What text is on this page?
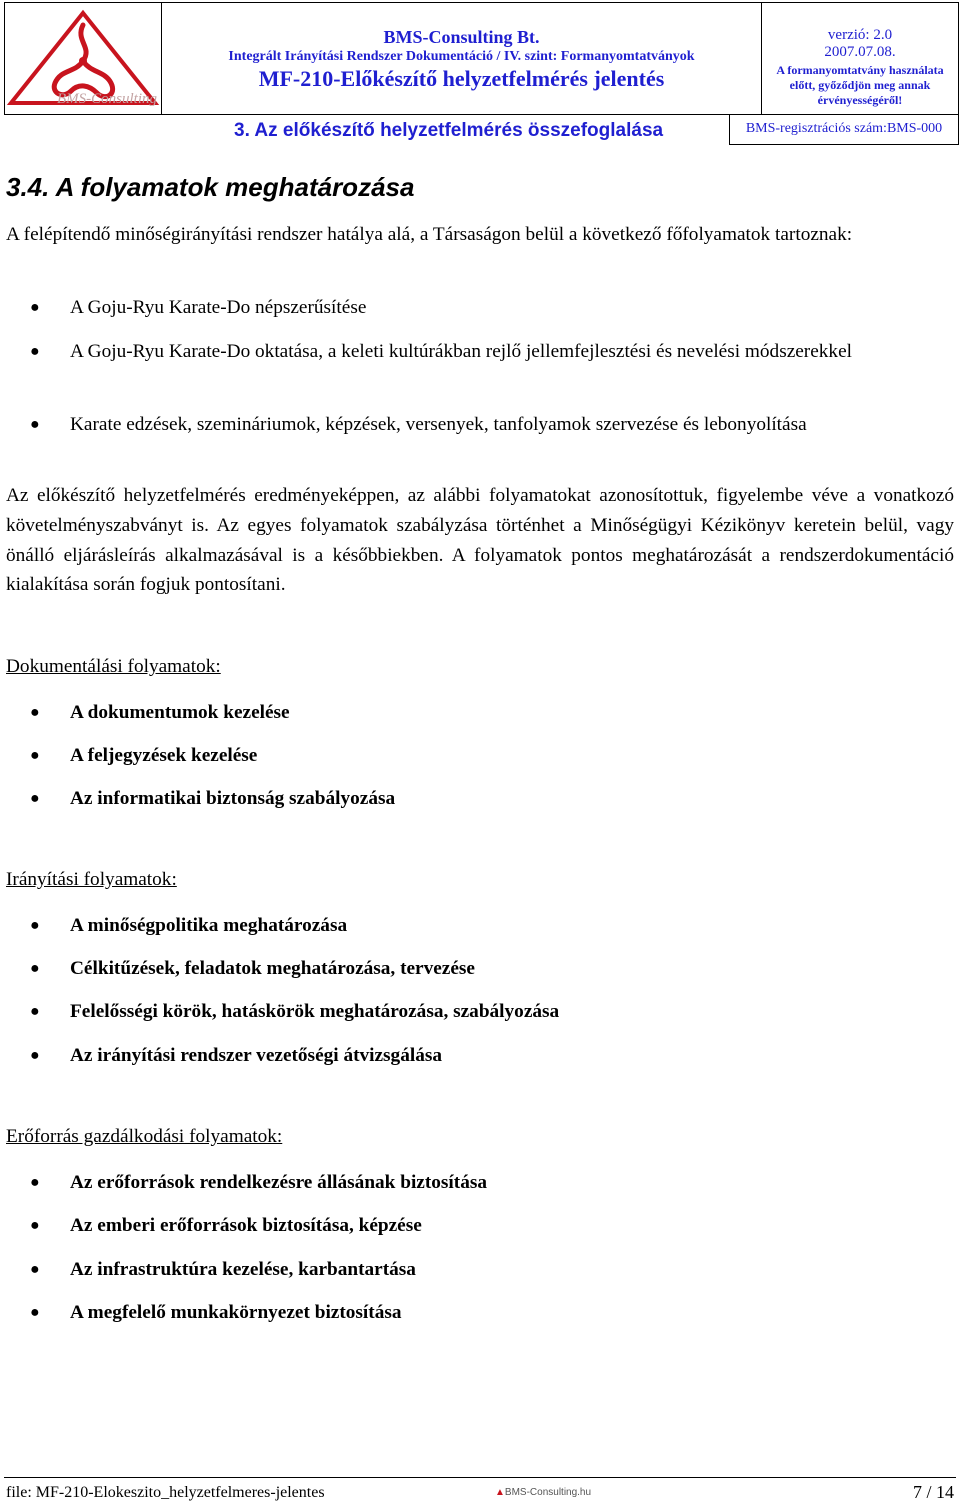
BMS-Consulting
BMS-Consulting Bt.
Integrált Irányítási Rendszer Dokumentáció / IV. szint: Formanyomtatványok
MF-210-Előkészítő helyzetfelmérés jelentés
verzió: 2.0
2007.07.08.
A formanyomtatvány használata előtt, győződjön meg annak érvényességéről!
3. Az előkészítő helyzetfelmérés összefoglalása	BMS-regisztrációs szám:BMS-000
3.4. A folyamatok meghatározása
A felépítendő minőségirányítási rendszer hatálya alá, a Társaságon belül a következő főfolyamatok tartoznak:
● A Goju-Ryu Karate-Do népszerűsítése
● A Goju-Ryu Karate-Do oktatása, a keleti kultúrákban rejlő jellemfejlesztési és nevelési módszerekkel
● Karate edzések, szemináriumok, képzések, versenyek, tanfolyamok szervezése és lebonyolítása
Az előkészítő helyzetfelmérés eredményeképpen, az alábbi folyamatokat azonosítottuk, figyelembe véve a vonatkozó követelményszabványt is. Az egyes folyamatok szabályzása történhet a Minőségügyi Kézikönyv keretein belül, vagy önálló eljárásleírás alkalmazásával is a későbbiekben. A folyamatok pontos meghatározását a rendszerdokumentáció kialakítása során fogjuk pontosítani.
Dokumentálási folyamatok:
● A dokumentumok kezelése
● A feljegyzések kezelése
● Az informatikai biztonság szabályozása
Irányítási folyamatok:
● A minőségpolitika meghatározása
● Célkitűzések, feladatok meghatározása, tervezése
● Felelősségi körök, hatáskörök meghatározása, szabályozása
● Az irányítási rendszer vezetőségi átvizsgálása
Erőforrás gazdálkodási folyamatok:
● Az erőforrások rendelkezésre állásának biztosítása
● Az emberi erőforrások biztosítása, képzése
● Az infrastruktúra kezelése, karbantartása
● A megfelelő munkakörnyezet biztosítása
file: MF-210-Elokeszito_helyzetfelmeres-jelentes	▲BMS-Consulting.hu	7 / 14
